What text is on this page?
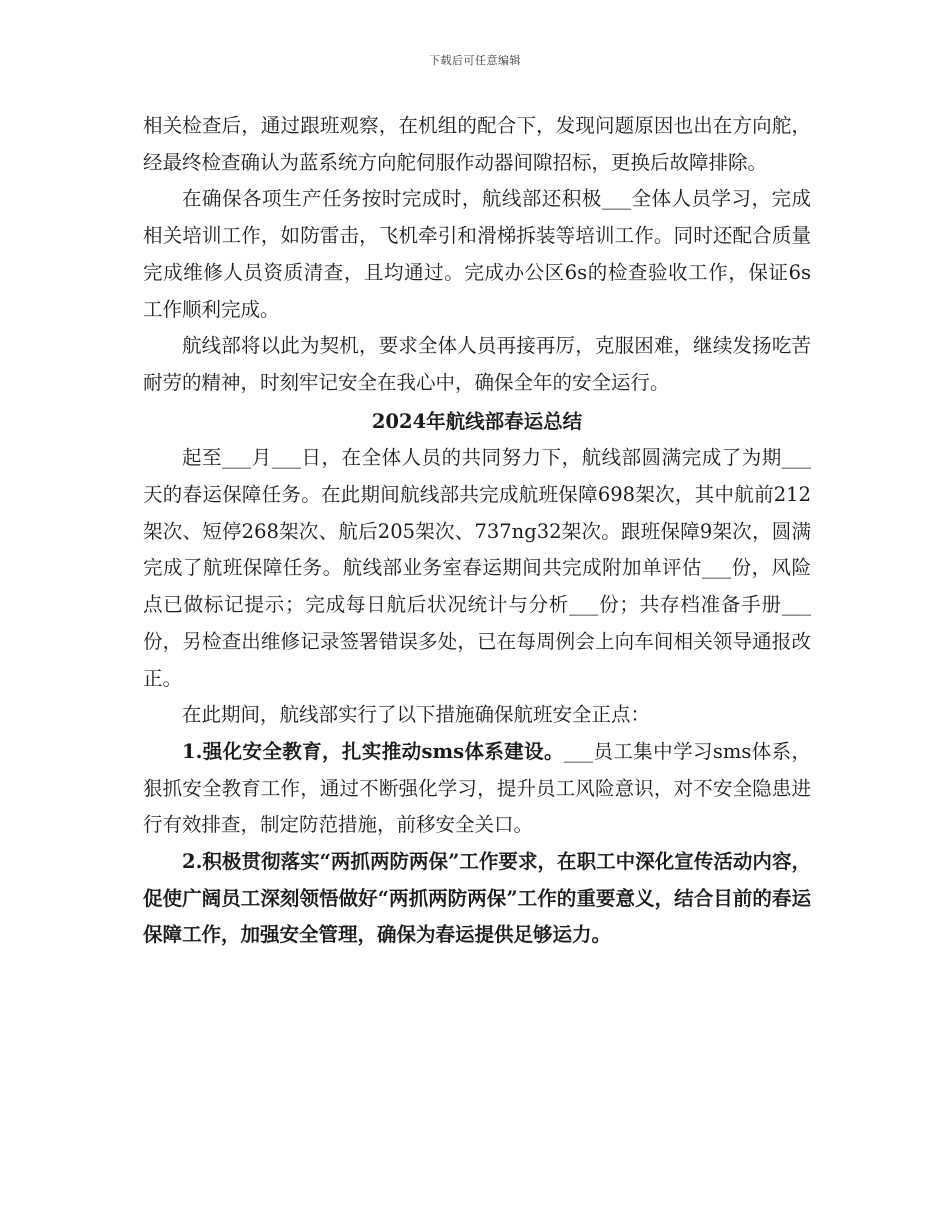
下载后可任意编辑

相关检查后，通过跟班观察，在机组的配合下，发现问题原因也出在方向舵，经最终检查确认为蓝系统方向舵伺服作动器间隙招标，更换后故障排除。

在确保各项生产任务按时完成时，航线部还积极___全体人员学习，完成相关培训工作，如防雷击，飞机牵引和滑梯拆装等培训工作。同时还配合质量完成维修人员资质清查，且均通过。完成办公区6s的检查验收工作，保证6s工作顺利完成。

航线部将以此为契机，要求全体人员再接再厉，克服困难，继续发扬吃苦耐劳的精神，时刻牢记安全在我心中，确保全年的安全运行。

2024年航线部春运总结

起至___月___日，在全体人员的共同努力下，航线部圆满完成了为期___天的春运保障任务。在此期间航线部共完成航班保障698架次，其中航前212架次、短停268架次、航后205架次、737ng32架次。跟班保障9架次，圆满完成了航班保障任务。航线部业务室春运期间共完成附加单评估___份，风险点已做标记提示；完成每日航后状况统计与分析___份；共存档准备手册___份，另检查出维修记录签署错误多处，已在每周例会上向车间相关领导通报改正。

在此期间，航线部实行了以下措施确保航班安全正点：

1.强化安全教育，扎实推动sms体系建设。___员工集中学习sms体系，狠抓安全教育工作，通过不断强化学习，提升员工风险意识，对不安全隐患进行有效排查，制定防范措施，前移安全关口。

2.积极贯彻落实“两抓两防两保”工作要求，在职工中深化宣传活动内容，促使广阔员工深刻领悟做好“两抓两防两保”工作的重要意义，结合目前的春运保障工作，加强安全管理，确保为春运提供足够运力。
